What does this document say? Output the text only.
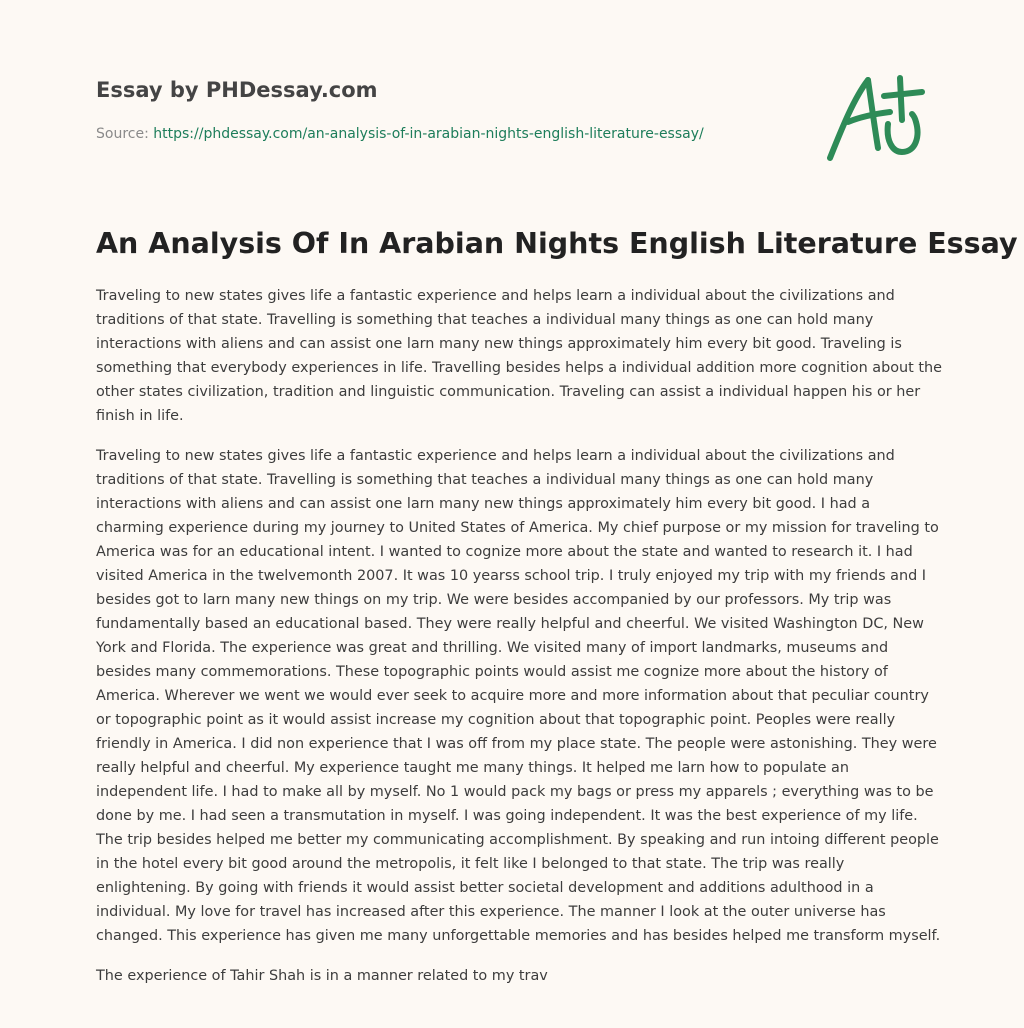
Essay by PHDessay.com
Source: https://phdessay.com/an-analysis-of-in-arabian-nights-english-literature-essay/
An Analysis Of In Arabian Nights English Literature Essay

Traveling to new states gives life a fantastic experience and helps learn a individual about the civilizations and traditions of that state. Travelling is something that teaches a individual many things as one can hold many interactions with aliens and can assist one larn many new things approximately him every bit good. Traveling is something that everybody experiences in life. Travelling besides helps a individual addition more cognition about the other states civilization, tradition and linguistic communication. Traveling can assist a individual happen his or her finish in life.

Traveling to new states gives life a fantastic experience and helps learn a individual about the civilizations and traditions of that state. Travelling is something that teaches a individual many things as one can hold many interactions with aliens and can assist one larn many new things approximately him every bit good. I had a charming experience during my journey to United States of America. My chief purpose or my mission for traveling to America was for an educational intent. I wanted to cognize more about the state and wanted to research it. I had visited America in the twelvemonth 2007. It was 10 yearss school trip. I truly enjoyed my trip with my friends and I besides got to larn many new things on my trip. We were besides accompanied by our professors. My trip was fundamentally based an educational based. They were really helpful and cheerful. We visited Washington DC, New York and Florida. The experience was great and thrilling. We visited many of import landmarks, museums and besides many commemorations. These topographic points would assist me cognize more about the history of America. Wherever we went we would ever seek to acquire more and more information about that peculiar country or topographic point as it would assist increase my cognition about that topographic point. Peoples were really friendly in America. I did non experience that I was off from my place state. The people were astonishing. They were really helpful and cheerful. My experience taught me many things. It helped me larn how to populate an independent life. I had to make all by myself. No 1 would pack my bags or press my apparels ; everything was to be done by me. I had seen a transmutation in myself. I was going independent. It was the best experience of my life. The trip besides helped me better my communicating accomplishment. By speaking and run intoing different people in the hotel every bit good around the metropolis, it felt like I belonged to that state. The trip was really enlightening. By going with friends it would assist better societal development and additions adulthood in a individual. My love for travel has increased after this experience. The manner I look at the outer universe has changed. This experience has given me many unforgettable memories and has besides helped me transform myself.

The experience of Tahir Shah is in a manner related to my trav
